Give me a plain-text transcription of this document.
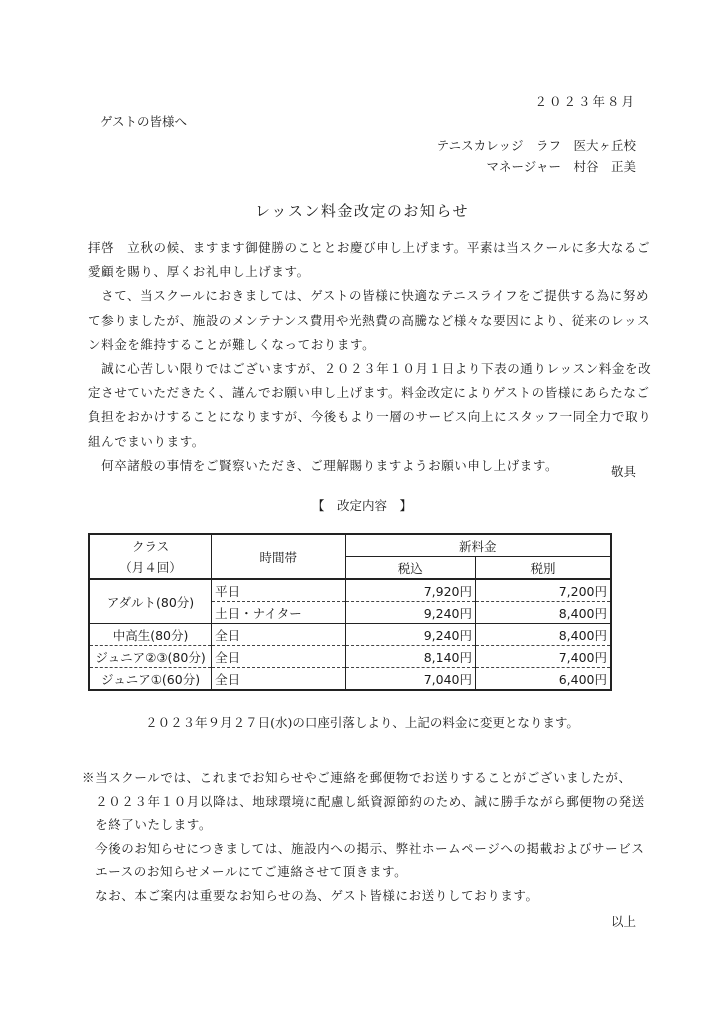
２０２３年８月
ゲストの皆様へ
テニスカレッジ　ラフ　医大ヶ丘校
マネージャー　村谷　正美
レッスン料金改定のお知らせ

拝啓　立秋の候、ますます御健勝のこととお慶び申し上げます。平素は当スクールに多大なるご

愛顧を賜り、厚くお礼申し上げます。

　さて、当スクールにおきましては、ゲストの皆様に快適なテニスライフをご提供する為に努め

て参りましたが、施設のメンテナンス費用や光熱費の高騰など様々な要因により、従来のレッス

ン料金を維持することが難しくなっております。

　誠に心苦しい限りではございますが、２０２３年１０月１日より下表の通りレッスン料金を改

定させていただきたく、謹んでお願い申し上げます。料金改定によりゲストの皆様にあらたなご

負担をおかけすることになりますが、今後もより一層のサービス向上にスタッフ一同全力で取り

組んでまいります。

　何卒諸般の事情をご賢察いただき、ご理解賜りますようお願い申し上げます。	敬具
【　改定内容　】
クラス	時間帯	新料金	
（月４回）		税込	税別
アダルト(80分)	平日	7,920円	7,200円
	土日・ナイター	9,240円	8,400円
中高生(80分)	全日	9,240円	8,400円
ジュニア②③(80分)	全日	8,140円	7,400円
ジュニア①(60分)	全日	7,040円	6,400円
２０２３年９月２７日(水)の口座引落しより、上記の料金に変更となります。

※当スクールでは、これまでお知らせやご連絡を郵便物でお送りすることがございましたが、

　２０２３年１０月以降は、地球環境に配慮し紙資源節約のため、誠に勝手ながら郵便物の発送

　を終了いたします。

　今後のお知らせにつきましては、施設内への掲示、弊社ホームページへの掲載およびサービス

　エースのお知らせメールにてご連絡させて頂きます。

　なお、本ご案内は重要なお知らせの為、ゲスト皆様にお送りしております。

以上
